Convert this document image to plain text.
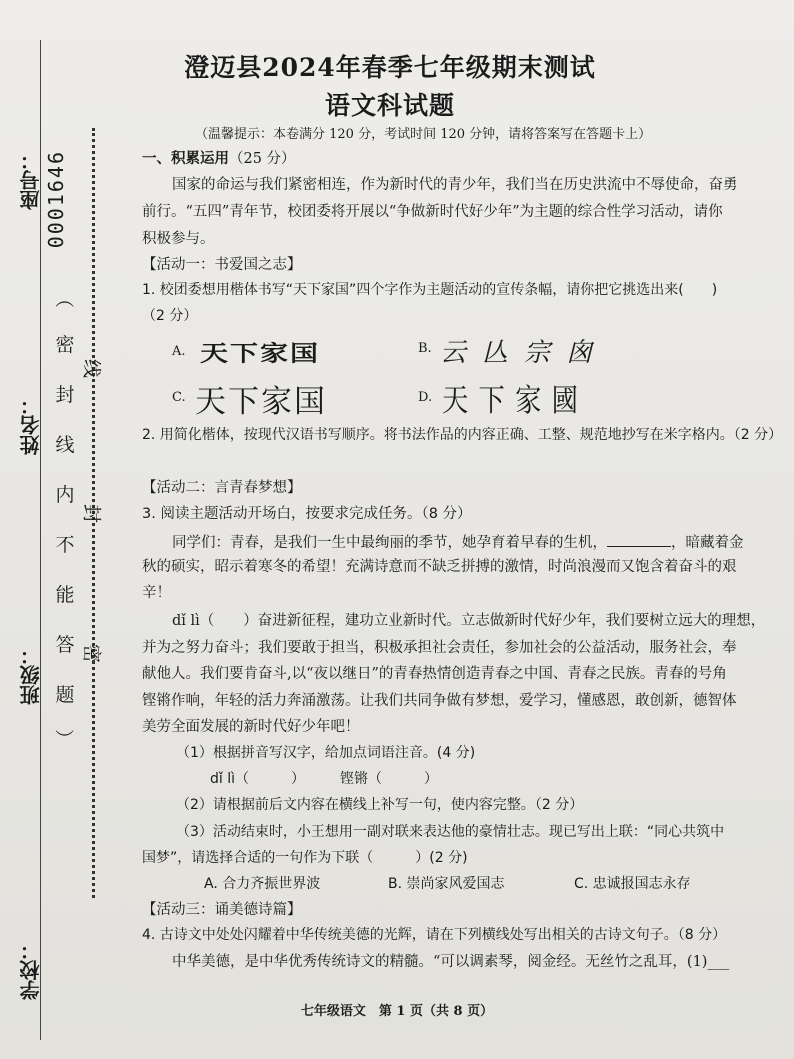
座号： 0001646
姓名：
班级：
学校：
（
密
封
线
内
不
能
答
题
）
线
封
密
澄迈县2024年春季七年级期末测试
语文科试题
（温馨提示：本卷满分 120 分，考试时间 120 分钟，请将答案写在答题卡上）
一、积累运用（25 分）
国家的命运与我们紧密相连，作为新时代的青少年，我们当在历史洪流中不辱使命，奋勇
前行。“五四”青年节，校团委将开展以“争做新时代好少年”为主题的综合性学习活动，请你
积极参与。
【活动一：书爱国之志】
1. 校团委想用楷体书写“天下家国”四个字作为主题活动的宣传条幅，请你把它挑选出来(　　)
（2 分）
A. 天下家国	B. 云亾宗囪
C. 天下家国	D. 天下家國
2. 用简化楷体，按现代汉语书写顺序。将书法作品的内容正确、工整、规范地抄写在米字格内。（2 分）
【活动二：言青春梦想】
3. 阅读主题活动开场白，按要求完成任务。（8 分）
同学们：青春，是我们一生中最绚丽的季节，她孕育着早春的生机，	，暗藏着金
秋的硕实，昭示着寒冬的希望！充满诗意而不缺乏拼搏的激情，时尚浪漫而又饱含着奋斗的艰
辛！
dǐ lì（　　）奋进新征程，建功立业新时代。立志做新时代好少年，我们要树立远大的理想，
并为之努力奋斗；我们要敢于担当，积极承担社会责任，参加社会的公益活动，服务社会，奉
献他人。我们要肯奋斗,以“夜以继日”的青春热情创造青春之中国、青春之民族。青春的号角
铿锵作响，年轻的活力奔涌激荡。让我们共同争做有梦想，爱学习，懂感恩，敢创新，德智体
美劳全面发展的新时代好少年吧！
（1）根据拼音写汉字，给加点词语注音。(4 分)
dǐ lì（　　　）　　　铿锵（　　　）
（2）请根据前后文内容在横线上补写一句，使内容完整。（2 分）
（3）活动结束时，小王想用一副对联来表达他的豪情壮志。现已写出上联：“同心共筑中
国梦”，请选择合适的一句作为下联（　　　）(2 分)
A. 合力齐振世界波	B. 崇尚家风爱国志	C. 忠诚报国志永存
【活动三：诵美德诗篇】
4. 古诗文中处处闪耀着中华传统美德的光辉，请在下列横线处写出相关的古诗文句子。（8 分）
中华美德，是中华优秀传统诗文的精髓。“可以调素琴，阅金经。无丝竹之乱耳，(1)___
七年级语文　第 1 页（共 8 页）
